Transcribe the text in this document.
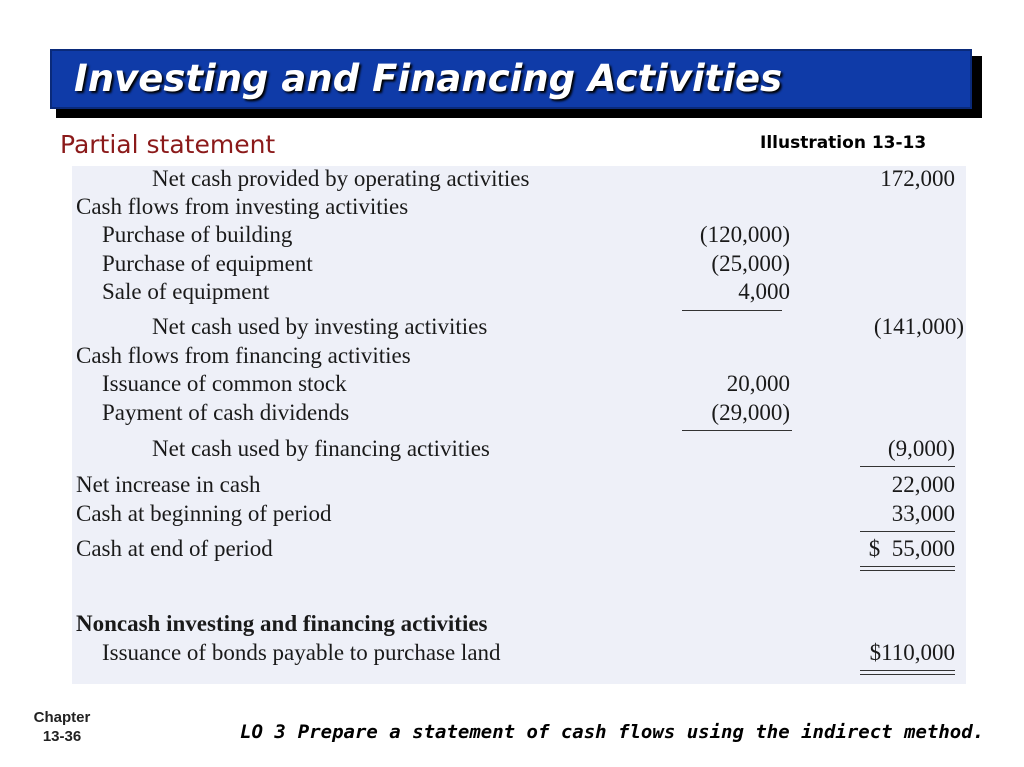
Investing and Financing Activities
Partial statement	Illustration 13-13
Net cash provided by operating activities	172,000
Cash flows from investing activities
Purchase of building	(120,000)
Purchase of equipment	(25,000)
Sale of equipment	4,000
Net cash used by investing activities	(141,000)
Cash flows from financing activities
Issuance of common stock	20,000
Payment of cash dividends	(29,000)
Net cash used by financing activities	(9,000)
Net increase in cash	22,000
Cash at beginning of period	33,000
Cash at end of period	$  55,000
Noncash investing and financing activities
Issuance of bonds payable to purchase land	$110,000
Chapter
13-36	LO 3 Prepare a statement of cash flows using the indirect method.
